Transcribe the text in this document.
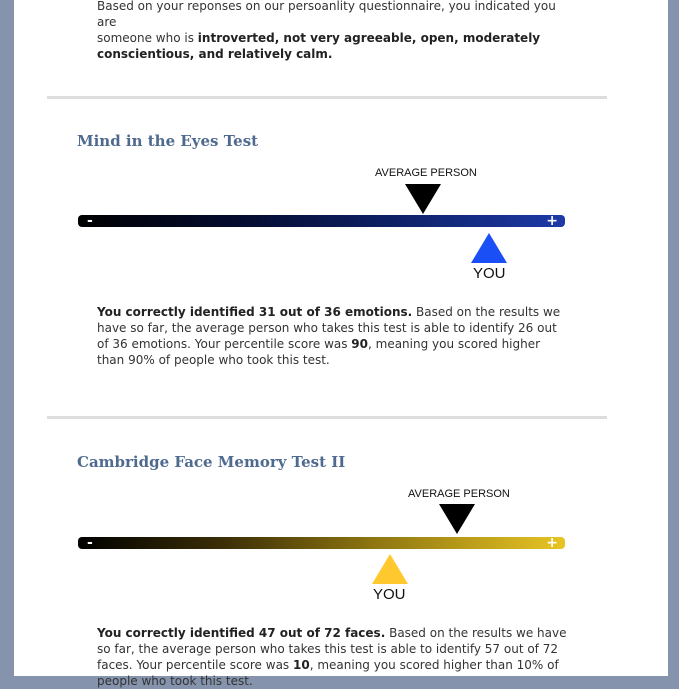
Based on your reponses on our persoanlity questionnaire, you indicated you are
someone who is introverted, not very agreeable, open, moderately
conscientious, and relatively calm.

Mind in the Eyes Test
AVERAGE PERSON
-	+
YOU

You correctly identified 31 out of 36 emotions. Based on the results we have so far, the average person who takes this test is able to identify 26 out of 36 emotions. Your percentile score was 90, meaning you scored higher than 90% of people who took this test.

Cambridge Face Memory Test II
AVERAGE PERSON
-	+
YOU

You correctly identified 47 out of 72 faces. Based on the results we have so far, the average person who takes this test is able to identify 57 out of 72 faces. Your percentile score was 10, meaning you scored higher than 10% of people who took this test.
